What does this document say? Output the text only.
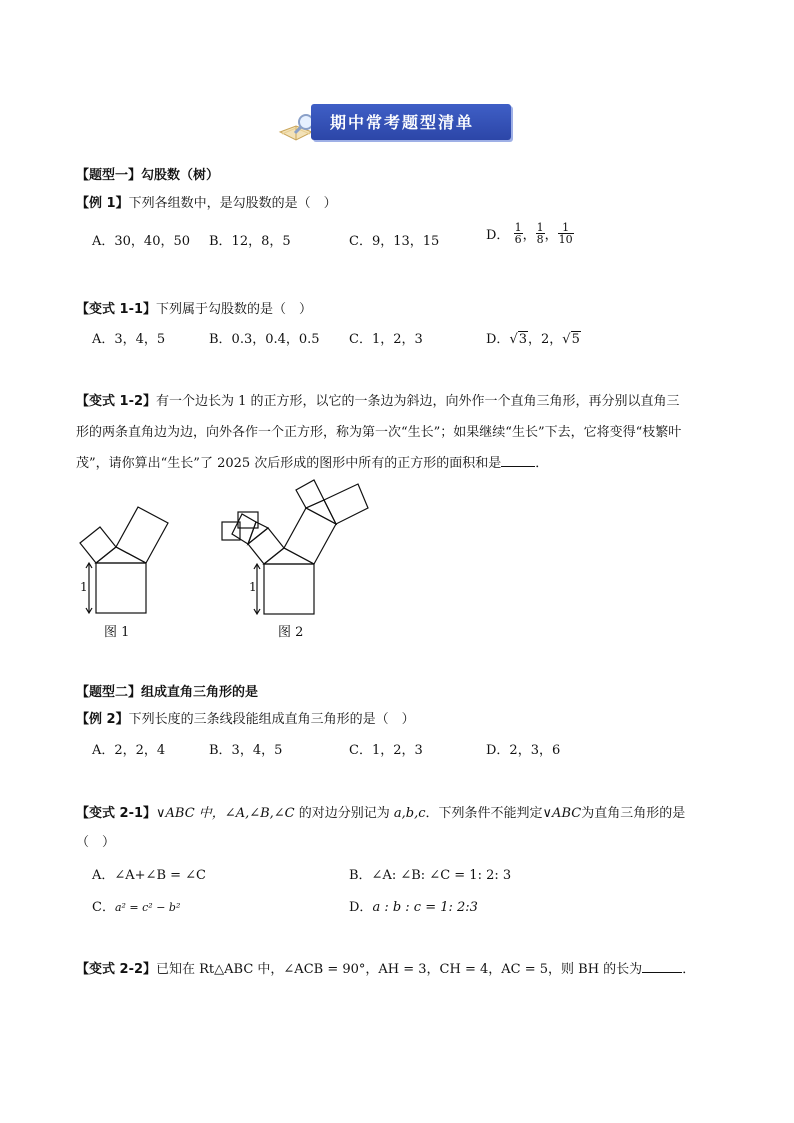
期中常考题型清单
【题型一】勾股数（树）
【例 1】下列各组数中，是勾股数的是（　）
A．30，40，50 B．12，8，5	C．9，13，15	D． $\frac{1}{6}$ ， $\frac{1}{8}$ ， $\frac{1}{10}$
【变式 1-1】下列属于勾股数的是（　）
A．3，4，5	B．0.3，0.4，0.5 C．1，2，3	D．√3，2，√5
【变式 1-2】有一个边长为 1 的正方形，以它的一条边为斜边，向外作一个直角三角形，再分别以直角三
形的两条直角边为边，向外各作一个正方形，称为第一次“生长”；如果继续“生长”下去，它将变得“枝繁叶
茂”，请你算出“生长”了 2025 次后形成的图形中所有的正方形的面积和是	．
1
图 1
1
图 2
【题型二】组成直角三角形的是
【例 2】下列长度的三条线段能组成直角三角形的是（　）
A．2，2，4	B．3，4，5	C．1，2，3	D．2，3，6
【变式 2-1】∨ABC 中，∠A,∠B,∠C 的对边分别记为 a,b,c．下列条件不能判定∨ABC为直角三角形的是
（　）
A．∠A+∠B = ∠C	B．∠A: ∠B: ∠C = 1: 2: 3
C．a² = c² − b²	D．a : b : c = 1: 2:3
【变式 2-2】已知在 Rt△ABC 中，∠ACB = 90°，AH = 3，CH = 4，AC = 5，则 BH 的长为	．
